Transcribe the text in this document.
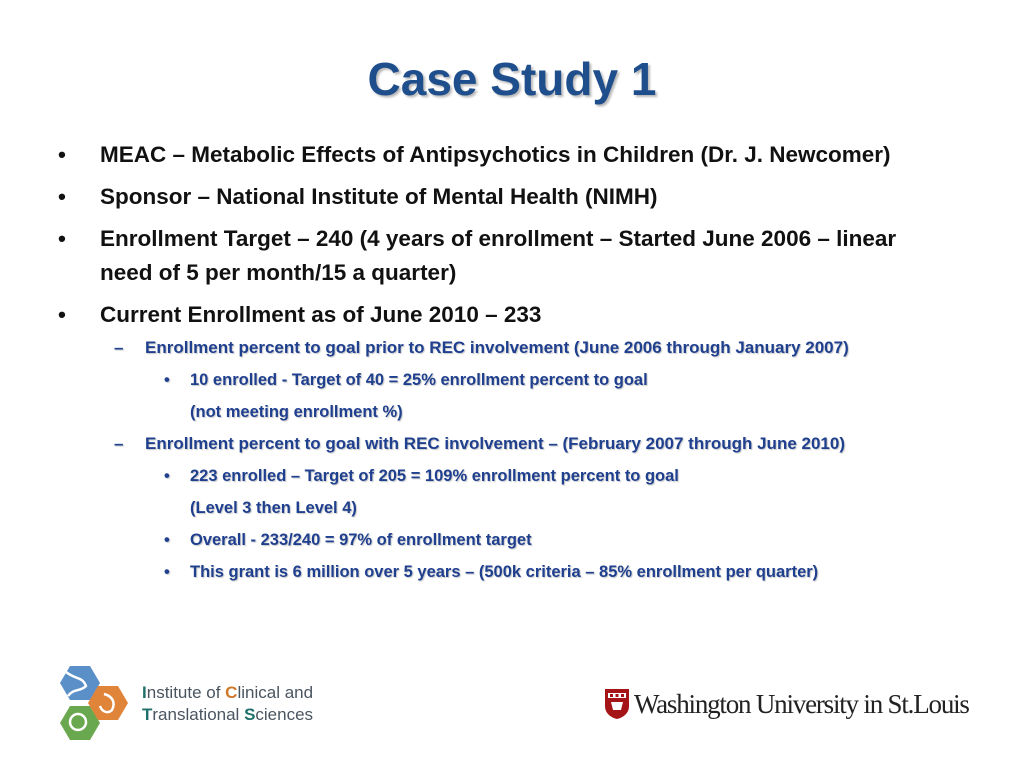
Case Study 1
• MEAC – Metabolic Effects of Antipsychotics in Children (Dr. J. Newcomer)
• Sponsor – National Institute of Mental Health (NIMH)
• Enrollment Target – 240 (4 years of enrollment – Started June 2006 – linear need of 5 per month/15 a quarter)
• Current Enrollment as of June 2010 – 233
– Enrollment percent to goal prior to REC involvement (June 2006 through January 2007)
• 10 enrolled - Target of 40 = 25% enrollment percent to goal
(not meeting enrollment %)
– Enrollment percent to goal with REC involvement – (February 2007 through June 2010)
• 223 enrolled – Target of 205 = 109% enrollment percent to goal
(Level 3 then Level 4)
• Overall - 233/240 = 97% of enrollment target
• This grant is 6 million over 5 years – (500k criteria – 85% enrollment per quarter)
Institute of Clinical and
Translational Sciences	Washington University in St.Louis
